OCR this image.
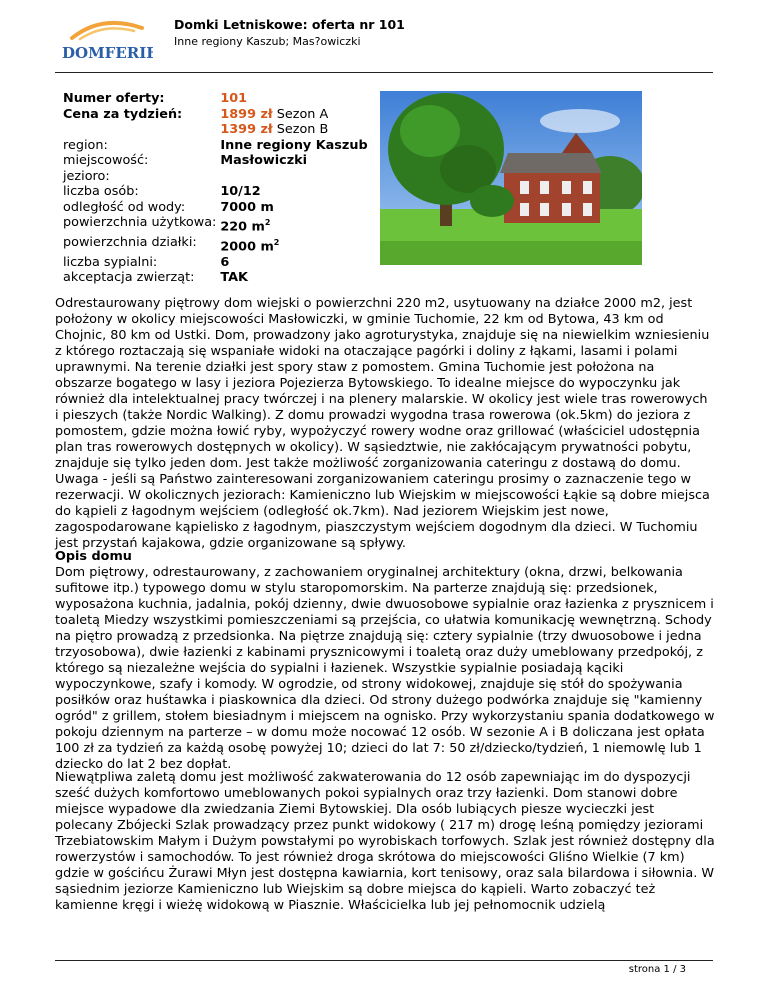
DOMFERIE
Domki Letniskowe: oferta nr 101
Inne regiony Kaszub; Mas?owiczki
Numer oferty:	101
Cena za tydzień:	1899 zł Sezon A
	1399 zł Sezon B
region:	Inne regiony Kaszub
miejscowość:	Masłowiczki
jezioro:	
liczba osób:	10/12
odległość od wody:	7000 m
powierzchnia użytkowa:	220 $m^2$
powierzchnia działki:	2000 $m^2$
liczba sypialni:	6
akceptacja zwierząt:	TAK
Odrestaurowany piętrowy dom wiejski o powierzchni 220 m2, usytuowany na działce 2000 m2, jest położony w okolicy miejscowości Masłowiczki, w gminie Tuchomie, 22 km od Bytowa, 43 km od Chojnic, 80 km od Ustki. Dom, prowadzony jako agroturystyka, znajduje się na niewielkim wzniesieniu z którego roztaczają się wspaniałe widoki na otaczające pagórki i doliny z łąkami, lasami i polami uprawnymi. Na terenie działki jest spory staw z pomostem. Gmina Tuchomie jest położona na obszarze bogatego w lasy i jeziora Pojezierza Bytowskiego. To idealne miejsce do wypoczynku jak również dla intelektualnej pracy twórczej i na plenery malarskie. W okolicy jest wiele tras rowerowych i pieszych (także Nordic Walking). Z domu prowadzi wygodna trasa rowerowa (ok.5km) do jeziora z pomostem, gdzie można łowić ryby, wypożyczyć rowery wodne oraz grillować (właściciel udostępnia plan tras rowerowych dostępnych w okolicy). W sąsiedztwie, nie zakłócającym prywatności pobytu, znajduje się tylko jeden dom. Jest także możliwość zorganizowania cateringu z dostawą do domu. Uwaga - jeśli są Państwo zainteresowani zorganizowaniem cateringu prosimy o zaznaczenie tego w rezerwacji. W okolicznych jeziorach: Kamieniczno lub Wiejskim w miejscowości Łąkie są dobre miejsca do kąpieli z łagodnym wejściem (odległość ok.7km). Nad jeziorem Wiejskim jest nowe, zagospodarowane kąpielisko z łagodnym, piaszczystym wejściem dogodnym dla dzieci. W Tuchomiu jest przystań kajakowa, gdzie organizowane są spływy.
Opis domu
Dom piętrowy, odrestaurowany, z zachowaniem oryginalnej architektury (okna, drzwi, belkowania sufitowe itp.) typowego domu w stylu staropomorskim. Na parterze znajdują się: przedsionek, wyposażona kuchnia, jadalnia, pokój dzienny, dwie dwuosobowe sypialnie oraz łazienka z prysznicem i toaletą Miedzy wszystkimi pomieszczeniami są przejścia, co ułatwia komunikację wewnętrzną. Schody na piętro prowadzą z przedsionka. Na piętrze znajdują się: cztery sypialnie (trzy dwuosobowe i jedna trzyosobowa), dwie łazienki z kabinami prysznicowymi i toaletą oraz duży umeblowany przedpokój, z którego są niezależne wejścia do sypialni i łazienek. Wszystkie sypialnie posiadają kąciki wypoczynkowe, szafy i komody. W ogrodzie, od strony widokowej, znajduje się stół do spożywania posiłków oraz huśtawka i piaskownica dla dzieci. Od strony dużego podwórka znajduje się "kamienny ogród" z grillem, stołem biesiadnym i miejscem na ognisko. Przy wykorzystaniu spania dodatkowego w pokoju dziennym na parterze – w domu może nocować 12 osób. W sezonie A i B doliczana jest opłata 100 zł za tydzień za każdą osobę powyżej 10; dzieci do lat 7: 50 zł/dziecko/tydzień, 1 niemowlę lub 1 dziecko do lat 2 bez dopłat.
Niewątpliwa zaletą domu jest możliwość zakwaterowania do 12 osób zapewniając im do dyspozycji sześć dużych komfortowo umeblowanych pokoi sypialnych oraz trzy łazienki. Dom stanowi dobre miejsce wypadowe dla zwiedzania Ziemi Bytowskiej. Dla osób lubiących piesze wycieczki jest polecany Zbójecki Szlak prowadzący przez punkt widokowy ( 217 m) drogę leśną pomiędzy jeziorami Trzebiatowskim Małym i Dużym powstałymi po wyrobiskach torfowych. Szlak jest również dostępny dla rowerzystów i samochodów. To jest również droga skrótowa do miejscowości Gliśno Wielkie (7 km) gdzie w gościńcu Żurawi Młyn jest dostępna kawiarnia, kort tenisowy, oraz sala bilardowa i siłownia. W sąsiednim jeziorze Kamieniczno lub Wiejskim są dobre miejsca do kąpieli. Warto zobaczyć też kamienne kręgi i wieżę widokową w Piasznie. Właścicielka lub jej pełnomocnik udzielą
strona 1 / 3
